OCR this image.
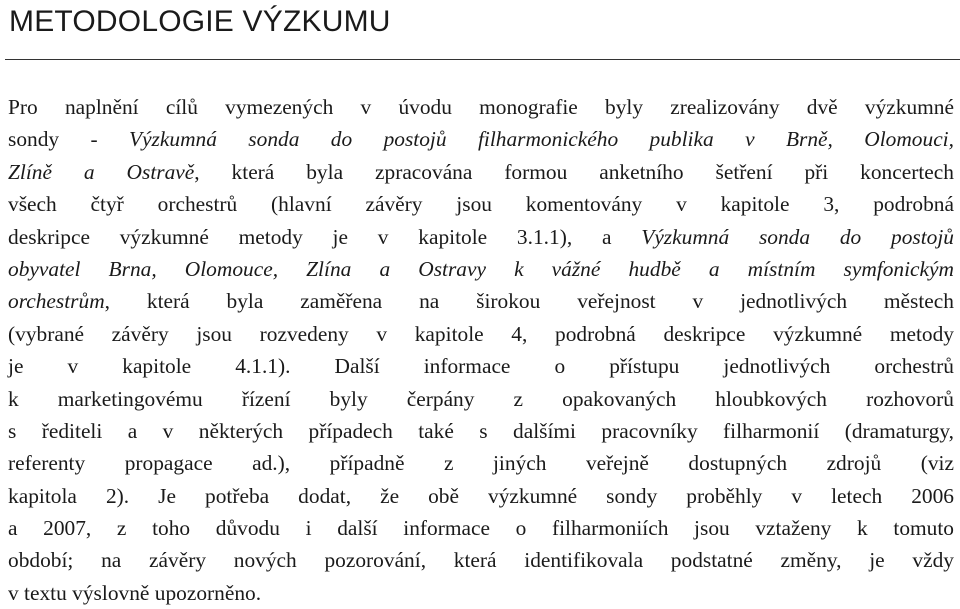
METODOLOGIE VÝZKUMU
Pro naplnění cílů vymezených v úvodu monografie byly zrealizovány dvě výzkumné
sondy - Výzkumná sonda do postojů filharmonického publika v Brně, Olomouci,
Zlíně a Ostravě, která byla zpracována formou anketního šetření při koncertech
všech čtyř orchestrů (hlavní závěry jsou komentovány v kapitole 3, podrobná
deskripce výzkumné metody je v kapitole 3.1.1), a Výzkumná sonda do postojů
obyvatel Brna, Olomouce, Zlína a Ostravy k vážné hudbě a místním symfonickým
orchestrům, která byla zaměřena na širokou veřejnost v jednotlivých městech
(vybrané závěry jsou rozvedeny v kapitole 4, podrobná deskripce výzkumné metody
je v kapitole 4.1.1). Další informace o přístupu jednotlivých orchestrů
k marketingovému řízení byly čerpány z opakovaných hloubkových rozhovorů
s řediteli a v některých případech také s dalšími pracovníky filharmonií (dramaturgy,
referenty propagace ad.), případně z jiných veřejně dostupných zdrojů (viz
kapitola 2). Je potřeba dodat, že obě výzkumné sondy proběhly v letech 2006
a 2007, z toho důvodu i další informace o filharmoniích jsou vztaženy k tomuto
období; na závěry nových pozorování, která identifikovala podstatné změny, je vždy
v textu výslovně upozorněno.
